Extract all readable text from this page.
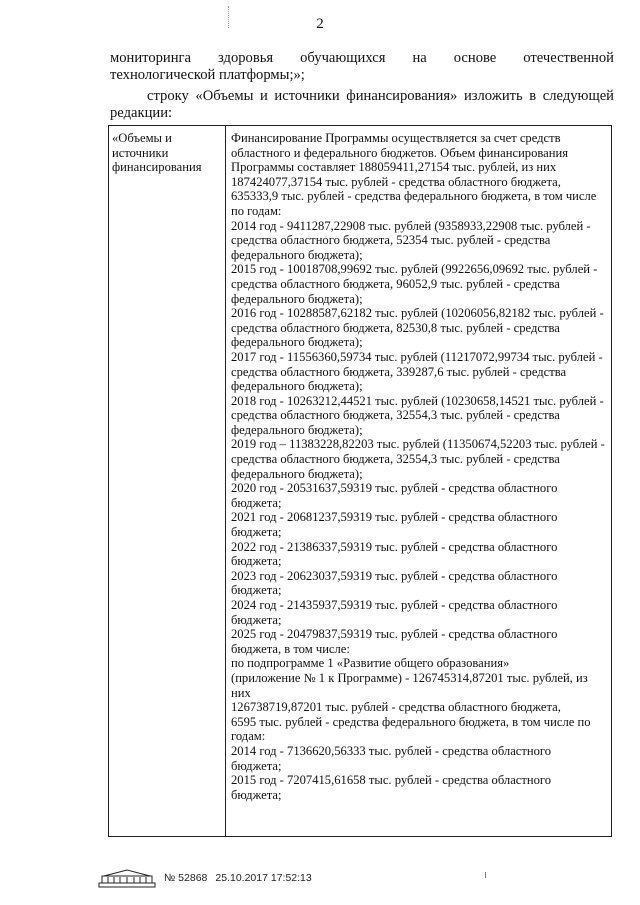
2
мониторинга здоровья обучающихся на основе отечественной
технологической платформы;»;
строку «Объемы и источники финансирования» изложить в следующей редакции:
«Объемы и
источники
финансирования
Финансирование Программы осуществляется за счет средств
областного и федерального бюджетов. Объем финансирования
Программы составляет 188059411,27154 тыс. рублей, из них
187424077,37154 тыс. рублей - средства областного бюджета,
635333,9 тыс. рублей - средства федерального бюджета, в том числе
по годам:
2014 год - 9411287,22908 тыс. рублей (9358933,22908 тыс. рублей -
средства областного бюджета, 52354 тыс. рублей - средства
федерального бюджета);
2015 год - 10018708,99692 тыс. рублей (9922656,09692 тыс. рублей -
средства областного бюджета, 96052,9 тыс. рублей - средства
федерального бюджета);
2016 год - 10288587,62182 тыс. рублей (10206056,82182 тыс. рублей -
средства областного бюджета, 82530,8 тыс. рублей - средства
федерального бюджета);
2017 год - 11556360,59734 тыс. рублей (11217072,99734 тыс. рублей -
средства областного бюджета, 339287,6 тыс. рублей - средства
федерального бюджета);
2018 год - 10263212,44521 тыс. рублей (10230658,14521 тыс. рублей -
средства областного бюджета, 32554,3 тыс. рублей - средства
федерального бюджета);
2019 год – 11383228,82203 тыс. рублей (11350674,52203 тыс. рублей -
средства областного бюджета, 32554,3 тыс. рублей - средства
федерального бюджета);
2020 год - 20531637,59319 тыс. рублей - средства областного
бюджета;
2021 год - 20681237,59319 тыс. рублей - средства областного
бюджета;
2022 год - 21386337,59319 тыс. рублей - средства областного
бюджета;
2023 год - 20623037,59319 тыс. рублей - средства областного
бюджета;
2024 год - 21435937,59319 тыс. рублей - средства областного
бюджета;
2025 год - 20479837,59319 тыс. рублей - средства областного
бюджета, в том числе:
по подпрограмме 1 «Развитие общего образования»
(приложение № 1 к Программе) - 126745314,87201 тыс. рублей, из
них
126738719,87201 тыс. рублей - средства областного бюджета,
6595 тыс. рублей - средства федерального бюджета, в том числе по
годам:
2014 год - 7136620,56333 тыс. рублей - средства областного
бюджета;
2015 год - 7207415,61658 тыс. рублей - средства областного
бюджета;
№ 52868 25.10.2017 17:52:13
